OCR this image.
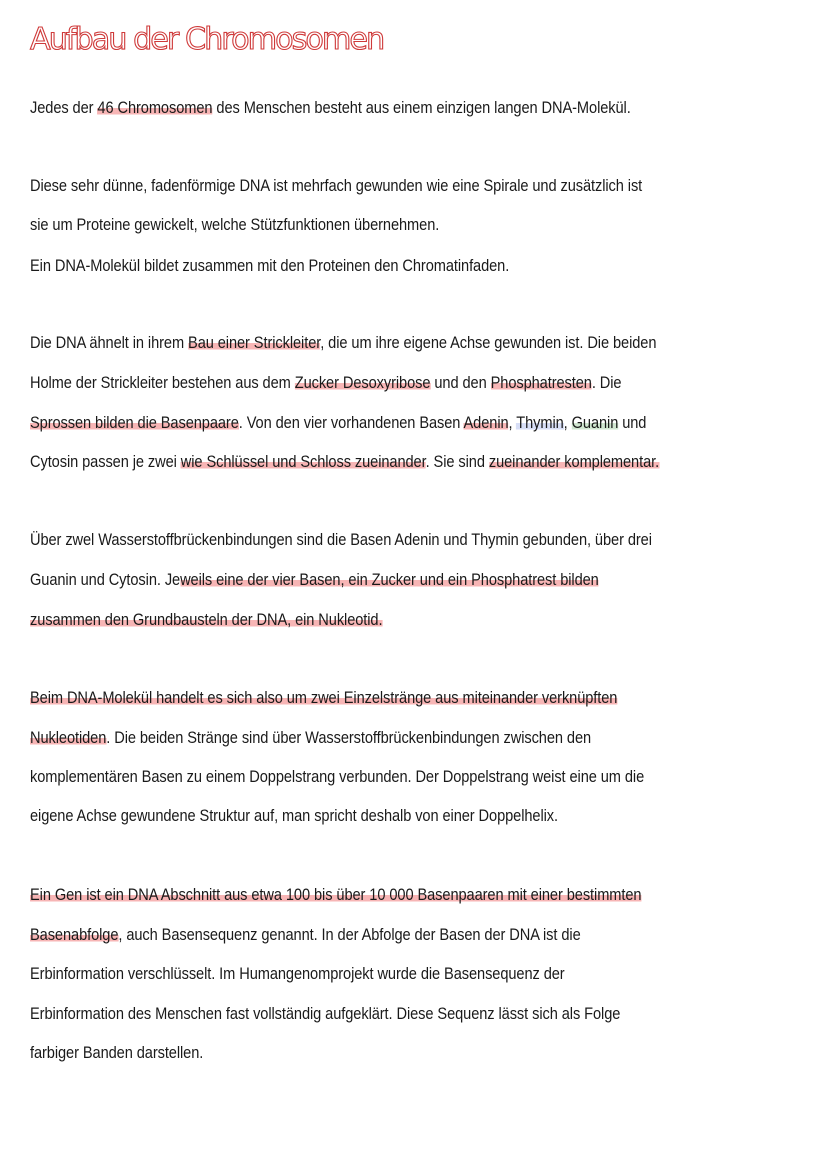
Aufbau der Chromosomen

Jedes der 46 Chromosomen des Menschen besteht aus einem einzigen langen DNA-Molekül.

Diese sehr dünne, fadenförmige DNA ist mehrfach gewunden wie eine Spirale und zusätzlich ist

sie um Proteine gewickelt, welche Stützfunktionen übernehmen.

Ein DNA-Molekül bildet zusammen mit den Proteinen den Chromatinfaden.

Die DNA ähnelt in ihrem Bau einer Strickleiter, die um ihre eigene Achse gewunden ist. Die beiden

Holme der Strickleiter bestehen aus dem Zucker Desoxyribose und den Phosphatresten. Die

Sprossen bilden die Basenpaare. Von den vier vorhandenen Basen Adenin, Thymin, Guanin und

Cytosin passen je zwei wie Schlüssel und Schloss zueinander. Sie sind zueinander komplementar.

Über zwel Wasserstoffbrückenbindungen sind die Basen Adenin und Thymin gebunden, über drei

Guanin und Cytosin. Jeweils eine der vier Basen, ein Zucker und ein Phosphatrest bilden

zusammen den Grundbausteln der DNA, ein Nukleotid.

Beim DNA-Molekül handelt es sich also um zwei Einzelstränge aus miteinander verknüpften

Nukleotiden. Die beiden Stränge sind über Wasserstoffbrückenbindungen zwischen den

komplementären Basen zu einem Doppelstrang verbunden. Der Doppelstrang weist eine um die

eigene Achse gewundene Struktur auf, man spricht deshalb von einer Doppelhelix.

Ein Gen ist ein DNA Abschnitt aus etwa 100 bis über 10 000 Basenpaaren mit einer bestimmten

Basenabfolge, auch Basensequenz genannt. In der Abfolge der Basen der DNA ist die

Erbinformation verschlüsselt. Im Humangenomprojekt wurde die Basensequenz der

Erbinformation des Menschen fast vollständig aufgeklärt. Diese Sequenz lässt sich als Folge

farbiger Banden darstellen.
